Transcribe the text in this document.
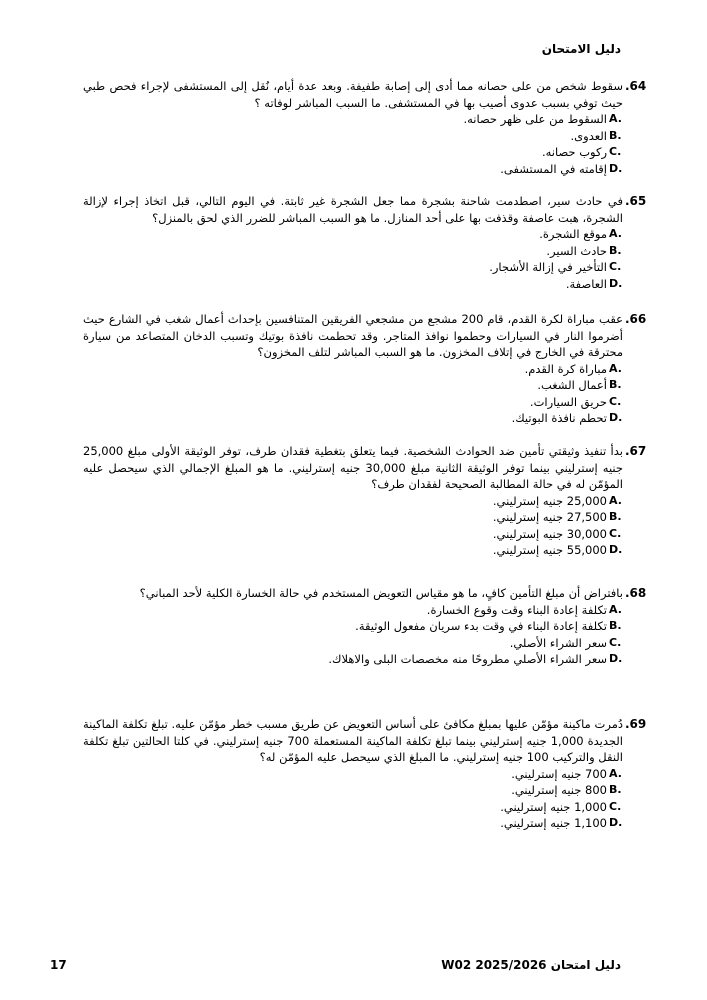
دليل الامتحان
.64
سقوط شخص من على حصانه مما أدى إلى إصابة طفيفة. وبعد عدة أيام، نُقل إلى المستشفى لإجراء فحص طبي حيث توفي بسبب عدوى أصيب بها في المستشفى. ما السبب المباشر لوفاته ؟
A.
السقوط من على ظهر حصانه.
B.
العدوى.
C.
ركوب حصانه.
D.
إقامته في المستشفى.
.65
في حادث سير، اصطدمت شاحنة بشجرة مما جعل الشجرة غير ثابتة. في اليوم التالي، قبل اتخاذ إجراء لإزالة الشجرة، هبت عاصفة وقذفت بها على أحد المنازل. ما هو السبب المباشر للضرر الذي لحق بالمنزل؟
A.
موقع الشجرة.
B.
حادث السير.
C.
التأخير في إزالة الأشجار.
D.
العاصفة.
.66
عقب مباراة لكرة القدم، قام 200 مشجع من مشجعي الفريقين المتنافسين بإحداث أعمال شغب في الشارع حيث أضرموا النار في السيارات وحطموا نوافذ المتاجر. وقد تحطمت نافذة بوتيك وتسبب الدخان المتصاعد من سيارة محترقة في الخارج في إتلاف المخزون. ما هو السبب المباشر لتلف المخزون؟
A.
مباراة كرة القدم.
B.
أعمال الشغب.
C.
حريق السيارات.
D.
تحطم نافذة البوتيك.
.67
بدأ تنفيذ وثيقتي تأمين ضد الحوادث الشخصية. فيما يتعلق بتغطية فقدان طرف، توفر الوثيقة الأولى مبلغ 25,000 جنيه إسترليني بينما توفر الوثيقة الثانية مبلغ 30,000 جنيه إسترليني. ما هو المبلغ الإجمالي الذي سيحصل عليه المؤمّن له في حالة المطالبة الصحيحة لفقدان طرف؟
A.
25,000 جنيه إسترليني.
B.
27,500 جنيه إسترليني.
C.
30,000 جنيه إسترليني.
D.
55,000 جنيه إسترليني.
.68
بافتراض أن مبلغ التأمين كافٍ، ما هو مقياس التعويض المستخدم في حالة الخسارة الكلية لأحد المباني؟
A.
تكلفة إعادة البناء وقت وقوع الخسارة.
B.
تكلفة إعادة البناء في وقت بدء سريان مفعول الوثيقة.
C.
سعر الشراء الأصلي.
D.
سعر الشراء الأصلي مطروحًا منه مخصصات البلى والاهلاك.
.69
دُمرت ماكينة مؤمّن عليها بمبلغ مكافئ على أساس التعويض عن طريق مسبب خطر مؤمّن عليه. تبلغ تكلفة الماكينة الجديدة 1,000 جنيه إسترليني بينما تبلغ تكلفة الماكينة المستعملة 700 جنيه إسترليني. في كلتا الحالتين تبلغ تكلفة النقل والتركيب 100 جنيه إسترليني. ما المبلغ الذي سيحصل عليه المؤمّن له؟
A.
700 جنيه إسترليني.
B.
800 جنيه إسترليني.
C.
1,000 جنيه إسترليني.
D.
1,100 جنيه إسترليني.
17	دليل امتحان W02 2025/2026
